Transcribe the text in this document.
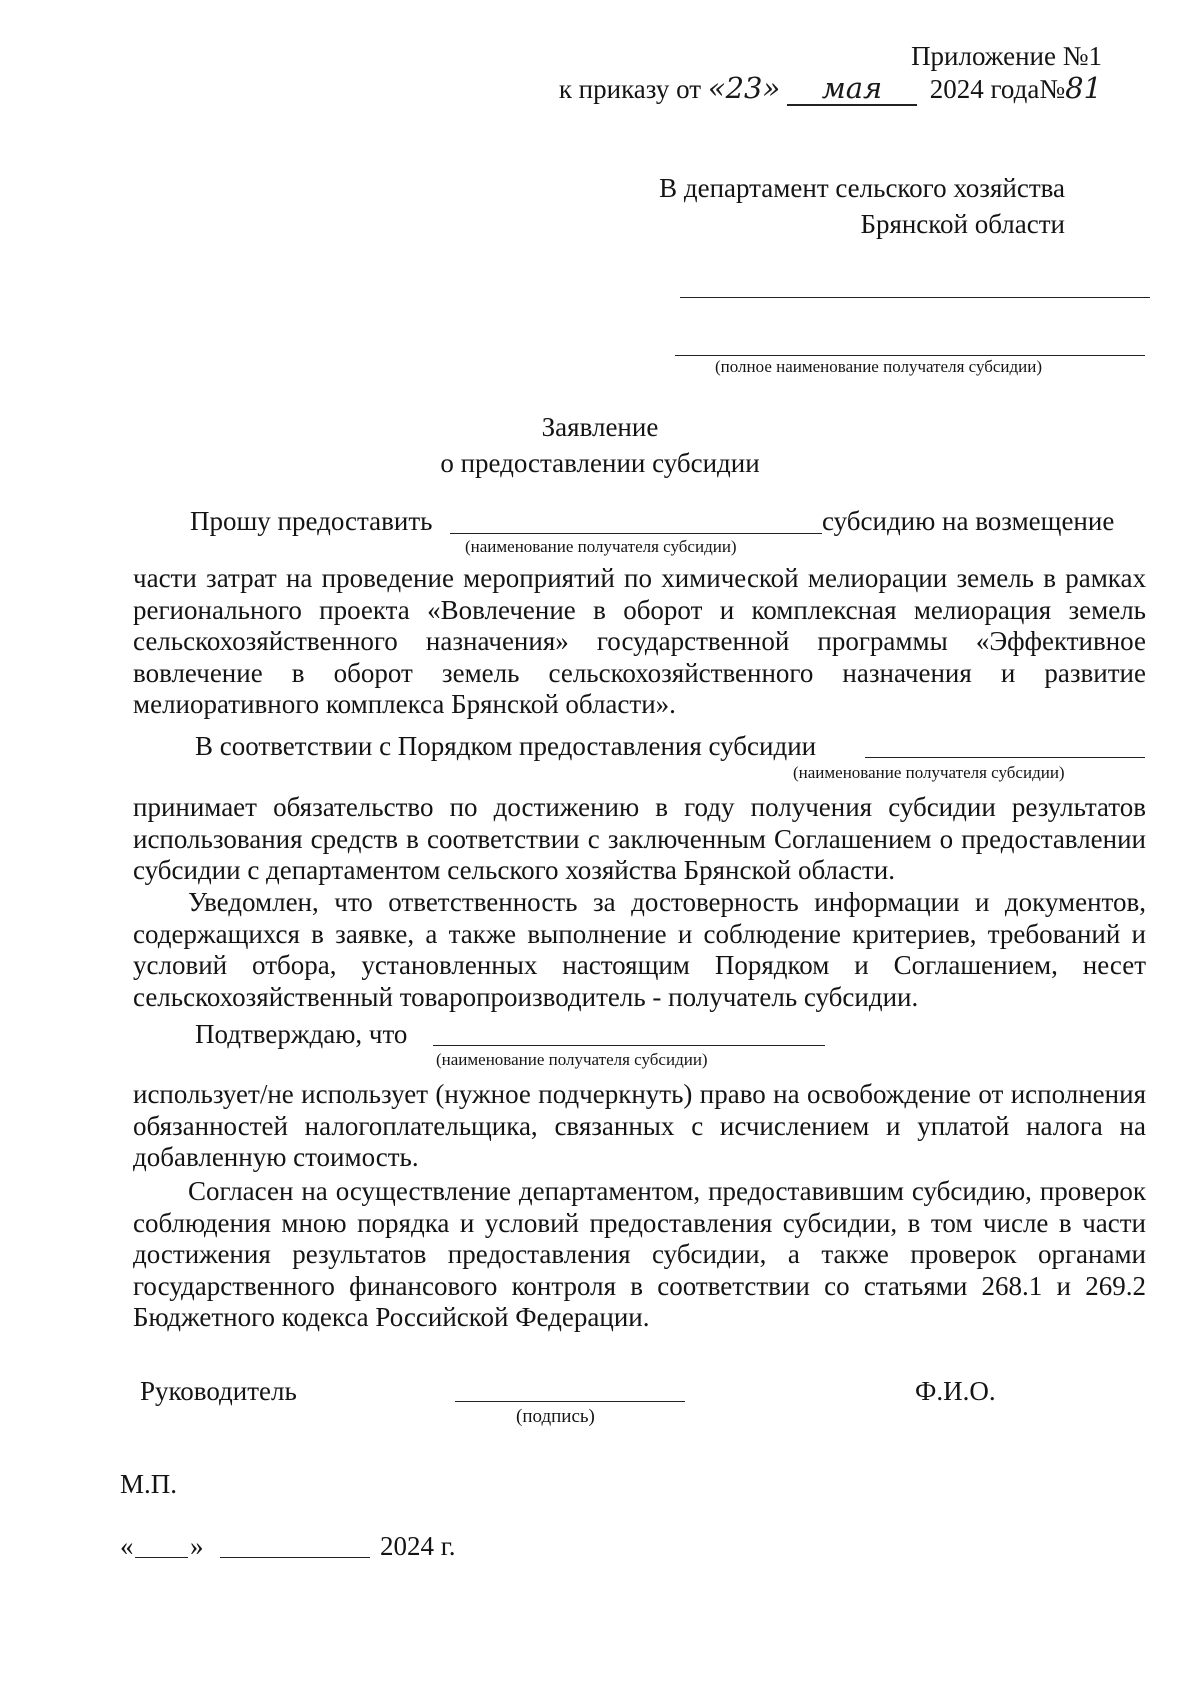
Приложение №1
к приказу от «23» мая 2024 года№81
В департамент сельского хозяйства
Брянской области
(полное наименование получателя субсидии)
Заявление
о предоставлении субсидии
Прошу предоставить	субсидию на возмещение
(наименование получателя субсидии)
части затрат на проведение мероприятий по химической мелиорации земель в рамках регионального проекта «Вовлечение в оборот и комплексная мелиорация земель сельскохозяйственного назначения» государственной программы «Эффективное вовлечение в оборот земель сельскохозяйственного назначения и развитие мелиоративного комплекса Брянской области».
В соответствии с Порядком предоставления субсидии
(наименование получателя субсидии)
принимает обязательство по достижению в году получения субсидии результатов использования средств в соответствии с заключенным Соглашением о предоставлении субсидии с департаментом сельского хозяйства Брянской области.
Уведомлен, что ответственность за достоверность информации и документов, содержащихся в заявке, а также выполнение и соблюдение критериев, требований и условий отбора, установленных настоящим Порядком и Соглашением, несет сельскохозяйственный товаропроизводитель - получатель субсидии.
Подтверждаю, что
(наименование получателя субсидии)
использует/не использует (нужное подчеркнуть) право на освобождение от исполнения обязанностей налогоплательщика, связанных с исчислением и уплатой налога на добавленную стоимость.
Согласен на осуществление департаментом, предоставившим субсидию, проверок соблюдения мною порядка и условий предоставления субсидии, в том числе в части достижения результатов предоставления субсидии, а также проверок органами государственного финансового контроля в соответствии со статьями 268.1 и 269.2 Бюджетного кодекса Российской Федерации.
Руководитель
(подпись)
Ф.И.О.
М.П.
« »	2024 г.
